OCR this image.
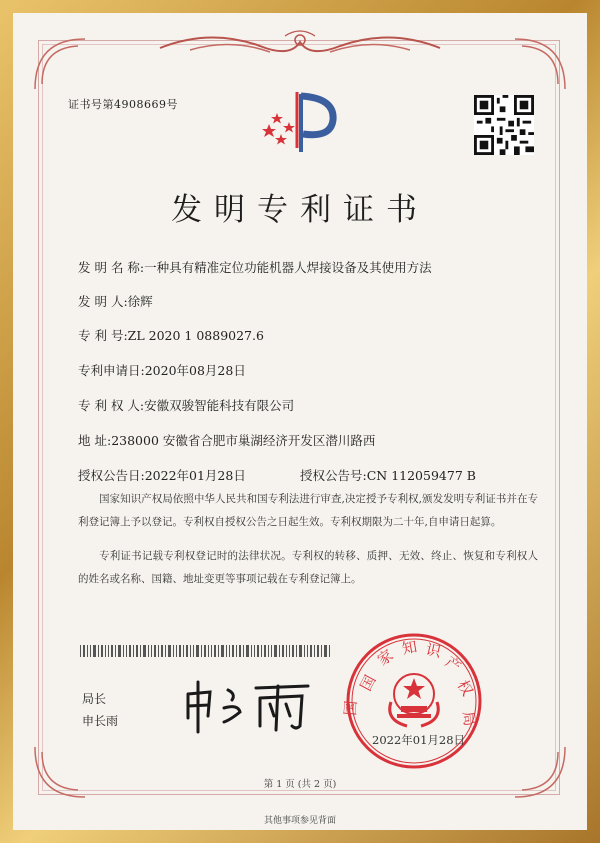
证书号第4908669号
发明专利证书
发 明 名 称:一种具有精准定位功能机器人焊接设备及其使用方法
发 明 人:徐辉
专 利 号:ZL 2020 1 0889027.6
专利申请日:2020年08月28日
专 利 权 人:安徽双骏智能科技有限公司
地 址:238000 安徽省合肥市巢湖经济开发区潜川路西
授权公告日:2022年01月28日	授权公告号:CN 112059477 B
国家知识产权局依照中华人民共和国专利法进行审查,决定授予专利权,颁发发明专利证书并在专利登记簿上予以登记。专利权自授权公告之日起生效。专利权期限为二十年,自申请日起算。
专利证书记载专利权登记时的法律状况。专利权的转移、质押、无效、终止、恢复和专利权人的姓名或名称、国籍、地址变更等事项记载在专利登记簿上。
局长
申长雨
国
家 知 识
产
权
局
国
2022年01月28日
第 1 页 (共 2 页)
其他事项参见背面
